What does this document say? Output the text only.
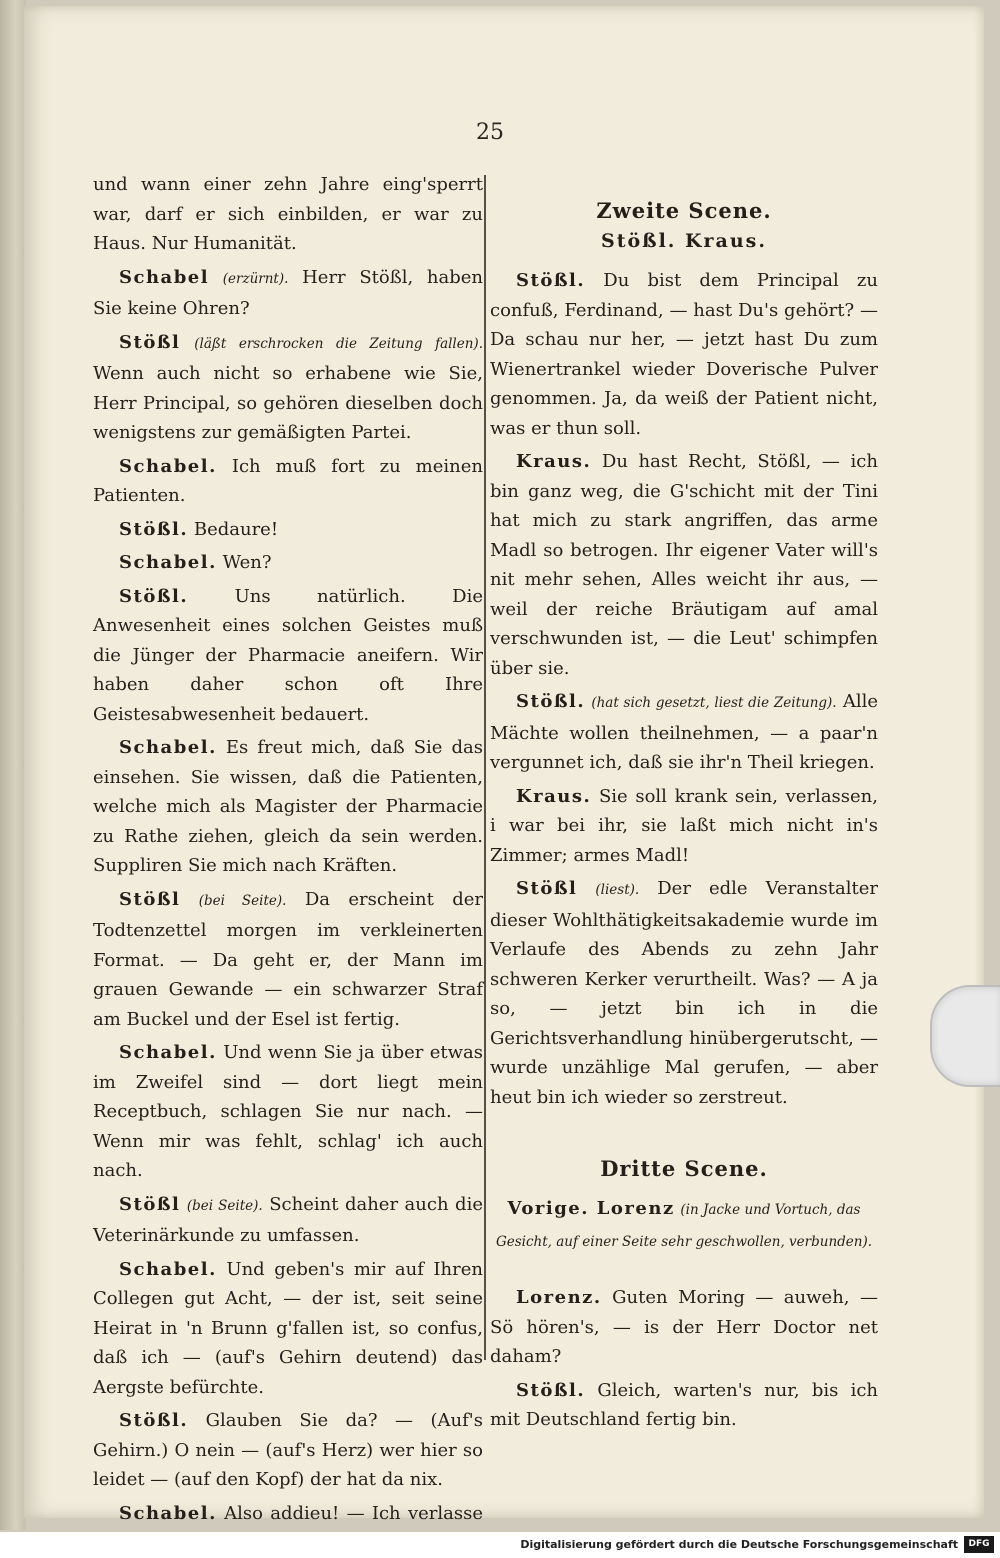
25

und wann einer zehn Jahre eing'sperrt war, darf er sich einbilden, er war zu Haus. Nur Humanität.

Schabel (erzürnt). Herr Stößl, haben Sie keine Ohren?

Stößl (läßt erschrocken die Zeitung fallen). Wenn auch nicht so erhabene wie Sie, Herr Principal, so gehören dieselben doch wenigstens zur gemäßigten Partei.

Schabel. Ich muß fort zu meinen Patienten.

Stößl. Bedaure!

Schabel. Wen?

Stößl.	Uns natürlich. Die Anwesenheit eines solchen Geistes muß die Jünger der Pharmacie aneifern. Wir haben daher schon oft Ihre Geistesabwesenheit bedauert.

Schabel. Es freut mich, daß Sie das einsehen. Sie wissen, daß die Patienten, welche mich als Magister der Pharmacie zu Rathe ziehen, gleich da sein werden. Suppliren Sie mich nach Kräften.

Stößl (bei Seite). Da erscheint der Todtenzettel morgen im verkleinerten Format. — Da geht er, der Mann im grauen Gewande — ein schwarzer Straf am Buckel und der Esel ist fertig.

Schabel. Und wenn Sie ja über etwas im Zweifel sind — dort liegt mein Receptbuch, schlagen Sie nur nach. — Wenn mir was fehlt, schlag' ich auch nach.

Stößl (bei Seite). Scheint daher auch die Veterinärkunde zu umfassen.

Schabel. Und geben's mir auf Ihren Collegen gut Acht, — der ist, seit seine Heirat in 'n Brunn g'fallen ist, so confus, daß ich — (auf's Gehirn deutend) das Aergste befürchte.

Stößl. Glauben Sie da? — (Auf's Gehirn.) O nein — (auf's Herz) wer hier so leidet — (auf den Kopf) der hat da nix.

Schabel. Also addieu! — Ich verlasse

Zweite Scene.

Stößl. Kraus.

Stößl. Du bist dem Principal zu confuß, Ferdinand, — hast Du's gehört? — Da schau nur her, — jetzt hast Du zum Wienertrankel wieder Doverische Pulver genommen. Ja, da weiß der Patient nicht, was er thun soll.

Kraus. Du hast Recht, Stößl, — ich bin ganz weg, die G'schicht mit der Tini hat mich zu stark angriffen, das arme Madl so betrogen. Ihr eigener Vater will's nit mehr sehen, Alles weicht ihr aus, — weil der reiche Bräutigam auf amal verschwunden ist, — die Leut' schimpfen über sie.

Stößl. (hat sich gesetzt, liest die Zeitung). Alle Mächte wollen theilnehmen, — a paar'n vergunnet ich, daß sie ihr'n Theil kriegen.

Kraus. Sie soll krank sein, verlassen, i war bei ihr, sie laßt mich nicht in's Zimmer; armes Madl!

Stößl (liest). Der edle Veranstalter dieser Wohlthätigkeitsakademie wurde im Verlaufe des Abends zu zehn Jahr schweren Kerker verurtheilt. Was? — A ja so, — jetzt bin ich in die Gerichtsverhandlung hinübergerutscht, — wurde unzählige Mal gerufen, — aber heut bin ich wieder so zerstreut.

Dritte Scene.

Vorige. Lorenz (in Jacke und Vortuch, das Gesicht, auf einer Seite sehr geschwollen, verbunden).

Lorenz. Guten Moring — auweh, — Sö hören's, — is der Herr Doctor net daham?

Stößl. Gleich, warten's nur, bis ich mit Deutschland fertig bin.

Digitalisierung gefördert durch die Deutsche Forschungsgemeinschaft	DFG
